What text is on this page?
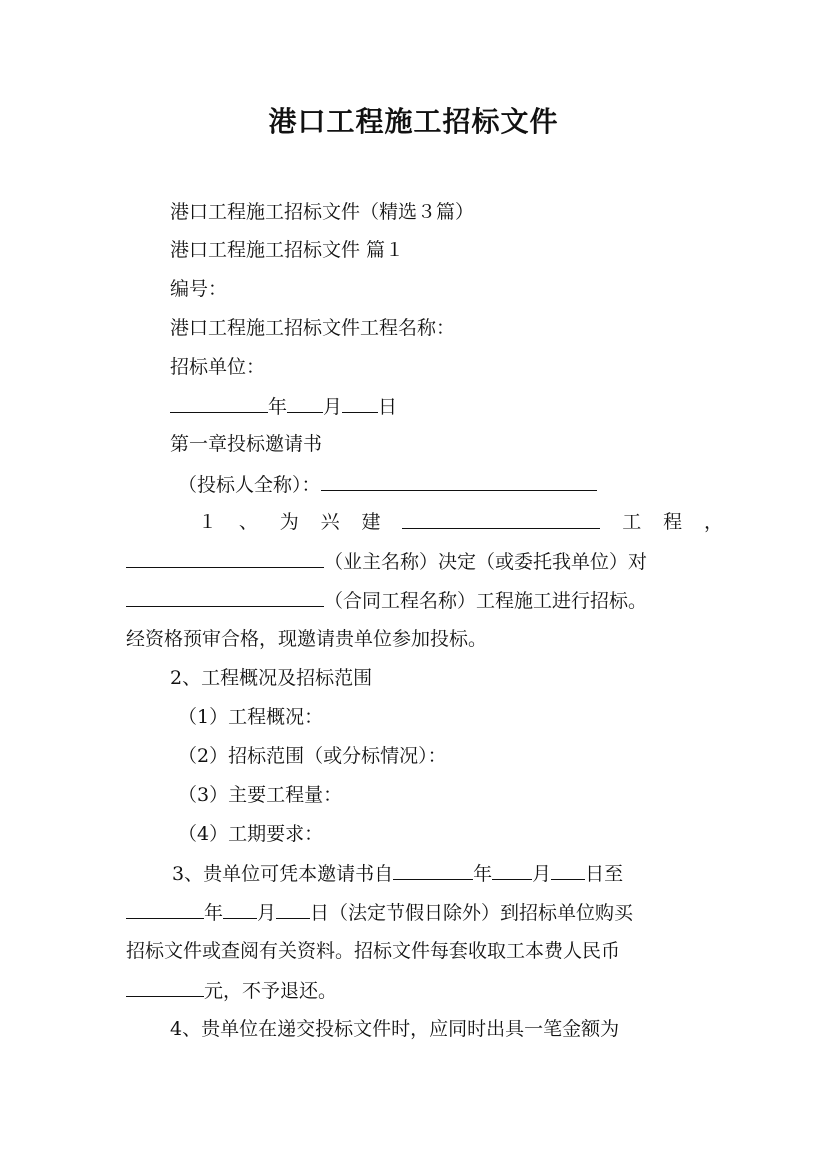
港口工程施工招标文件
港口工程施工招标文件（精选３篇）
港口工程施工招标文件 篇１
编号：
港口工程施工招标文件工程名称：
招标单位：
年 月 日
第一章投标邀请书
（投标人全称）：
１ 、 为 兴 建	工 程 ，
（业主名称）决定（或委托我单位）对
（合同工程名称）工程施工进行招标。
经资格预审合格，现邀请贵单位参加投标。
2、工程概况及招标范围
（1）工程概况：
（2）招标范围（或分标情况）：
（3）主要工程量：
（4）工期要求：
3、贵单位可凭本邀请书自	年 月 日至
年 月 日（法定节假日除外）到招标单位购买
招标文件或查阅有关资料。招标文件每套收取工本费人民币
元，不予退还。
4、贵单位在递交投标文件时，应同时出具一笔金额为
